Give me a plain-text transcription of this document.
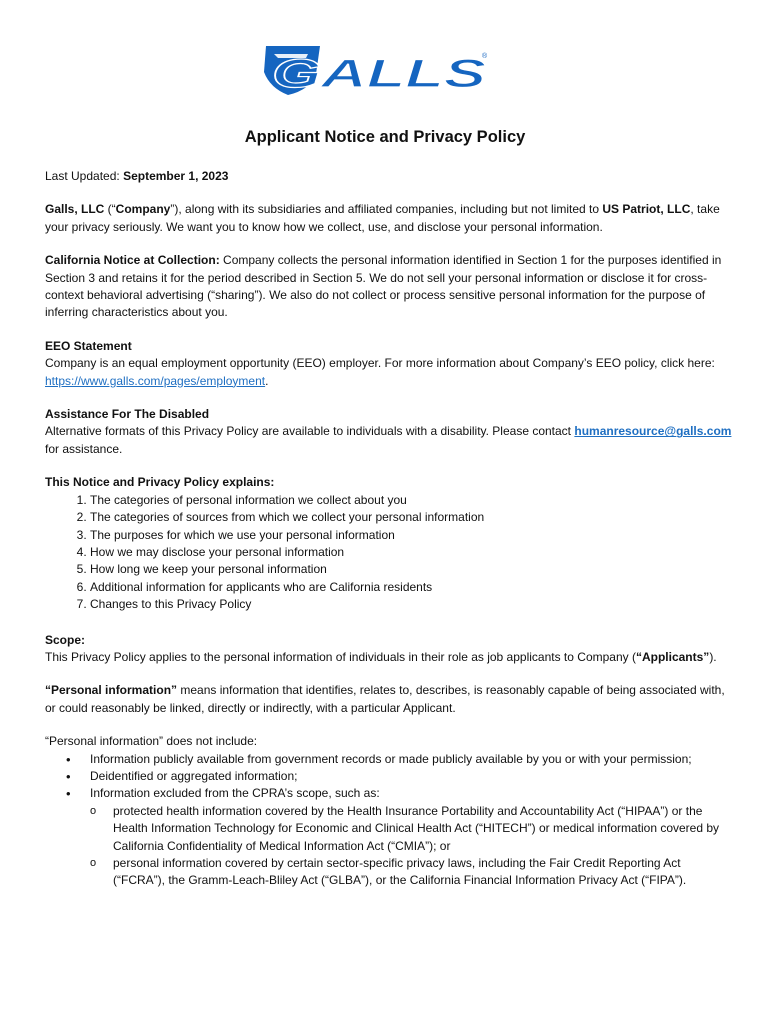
GALLS
®
Applicant Notice and Privacy Policy

Last Updated: September 1, 2023

Galls, LLC (“Company”), along with its subsidiaries and affiliated companies, including but not limited to US Patriot, LLC, take your privacy seriously. We want you to know how we collect, use, and disclose your personal information.

California Notice at Collection: Company collects the personal information identified in Section 1 for the purposes identified in Section 3 and retains it for the period described in Section 5. We do not sell your personal information or disclose it for cross-context behavioral advertising (“sharing”). We also do not collect or process sensitive personal information for the purpose of inferring characteristics about you.

EEO Statement

Company is an equal employment opportunity (EEO) employer. For more information about Company’s EEO policy, click here: https://www.galls.com/pages/employment.

Assistance For The Disabled

Alternative formats of this Privacy Policy are available to individuals with a disability. Please contact humanresource@galls.com for assistance.

This Notice and Privacy Policy explains:

1. The categories of personal information we collect about you
2. The categories of sources from which we collect your personal information
3. The purposes for which we use your personal information
4. How we may disclose your personal information
5. How long we keep your personal information
6. Additional information for applicants who are California residents
7. Changes to this Privacy Policy

Scope:

This Privacy Policy applies to the personal information of individuals in their role as job applicants to Company (“Applicants”).

“Personal information” means information that identifies, relates to, describes, is reasonably capable of being associated with, or could reasonably be linked, directly or indirectly, with a particular Applicant.

“Personal information” does not include:

• Information publicly available from government records or made publicly available by you or with your permission;
• Deidentified or aggregated information;
• Information excluded from the CPRA’s scope, such as:
o protected health information covered by the Health Insurance Portability and Accountability Act (“HIPAA”) or the Health Information Technology for Economic and Clinical Health Act (“HITECH”) or medical information covered by California Confidentiality of Medical Information Act (“CMIA”); or
o personal information covered by certain sector-specific privacy laws, including the Fair Credit Reporting Act (“FCRA”), the Gramm-Leach-Bliley Act (“GLBA”), or the California Financial Information Privacy Act (“FIPA”).
